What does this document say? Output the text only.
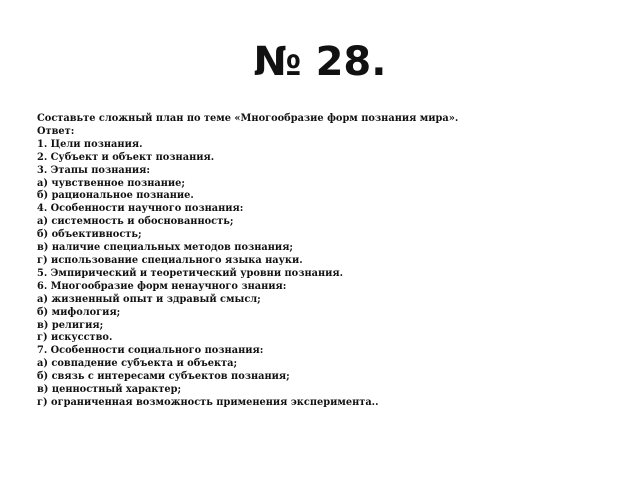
№ 28.
Составьте сложный план по теме «Многообразие форм познания мира».
Ответ:
1. Цели познания.
2. Субъект и объект познания.
3. Этапы познания:
а) чувственное познание;
б) рациональное познание.
4. Особенности научного познания:
а) системность и обоснованность;
б) объективность;
в) наличие специальных методов познания;
г) использование специального языка науки.
5. Эмпирический и теоретический уровни познания.
6. Многообразие форм ненаучного знания:
а) жизненный опыт и здравый смысл;
б) мифология;
в) религия;
г) искусство.
7. Особенности социального познания:
а) совпадение субъекта и объекта;
б) связь с интересами субъектов познания;
в) ценностный характер;
г) ограниченная возможность применения эксперимента..
